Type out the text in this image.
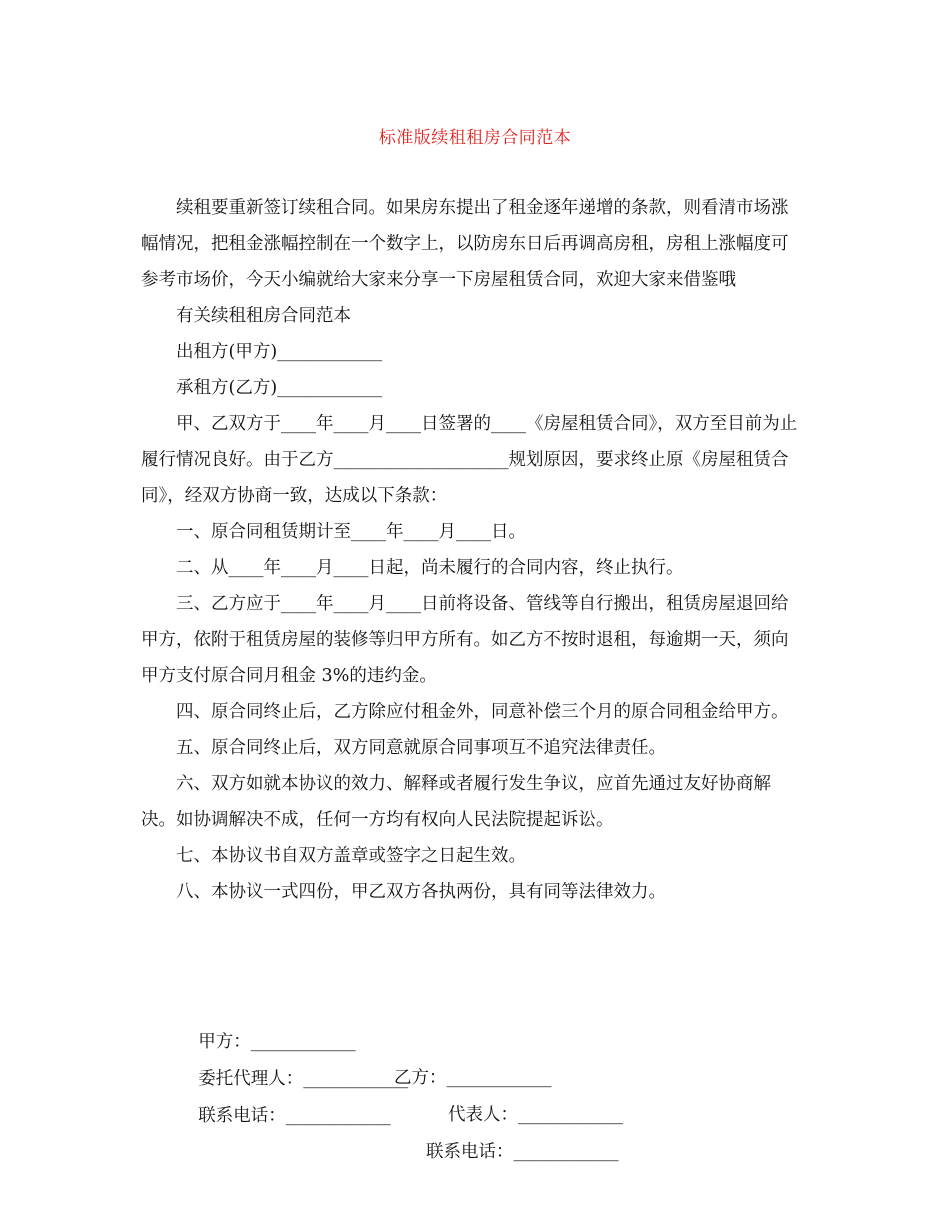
标准版续租租房合同范本

续租要重新签订续租合同。如果房东提出了租金逐年递增的条款，则看清市场涨幅情况，把租金涨幅控制在一个数字上，以防房东日后再调高房租，房租上涨幅度可参考市场价，今天小编就给大家来分享一下房屋租赁合同，欢迎大家来借鉴哦

有关续租租房合同范本

出租方(甲方)____________

承租方(乙方)____________

甲、乙双方于____年____月____日签署的____《房屋租赁合同》，双方至目前为止履行情况良好。由于乙方____________________规划原因，要求终止原《房屋租赁合同》，经双方协商一致，达成以下条款：

一、原合同租赁期计至____年____月____日。

二、从____年____月____日起，尚未履行的合同内容，终止执行。

三、乙方应于____年____月____日前将设备、管线等自行搬出，租赁房屋退回给甲方，依附于租赁房屋的装修等归甲方所有。如乙方不按时退租，每逾期一天，须向甲方支付原合同月租金 3%的违约金。

四、原合同终止后，乙方除应付租金外，同意补偿三个月的原合同租金给甲方。

五、原合同终止后，双方同意就原合同事项互不追究法律责任。

六、双方如就本协议的效力、解释或者履行发生争议，应首先通过友好协商解决。如协调解决不成，任何一方均有权向人民法院提起诉讼。

七、本协议书自双方盖章或签字之日起生效。

八、本协议一式四份，甲乙双方各执两份，具有同等法律效力。

甲方：____________

乙方：____________

委托代理人：____________

代表人：____________

联系电话：____________

联系电话：____________
